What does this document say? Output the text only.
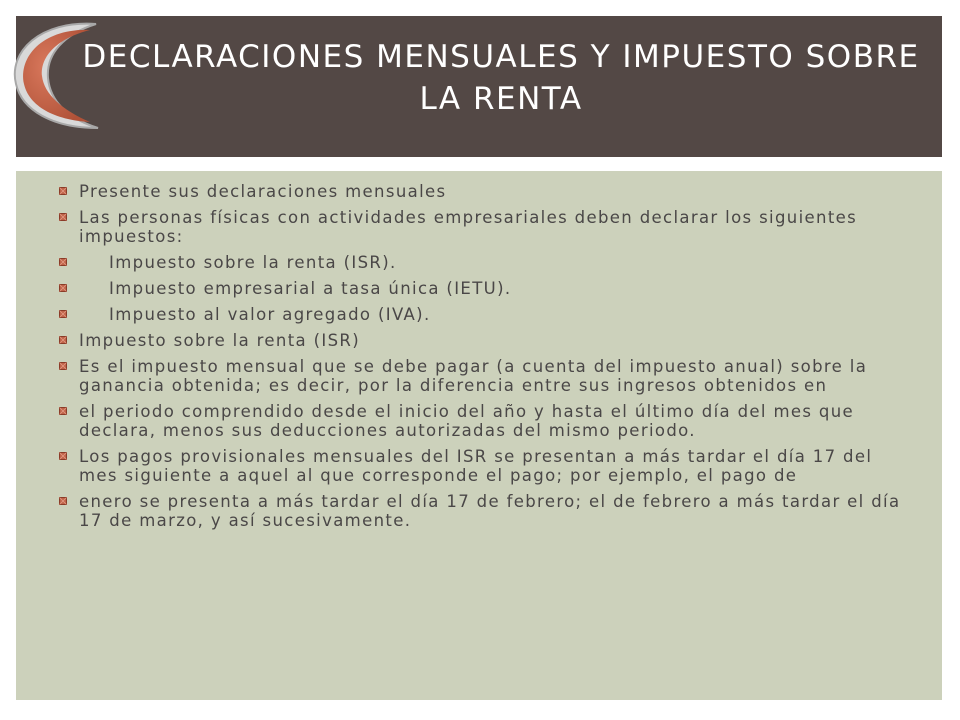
DECLARACIONES MENSUALES Y IMPUESTO SOBRE LA RENTA
Presente sus declaraciones mensuales
Las personas físicas con actividades empresariales deben declarar los siguientes impuestos:
Impuesto sobre la renta (ISR).
Impuesto empresarial a tasa única (IETU).
Impuesto al valor agregado (IVA).
Impuesto sobre la renta (ISR)
Es el impuesto mensual que se debe pagar (a cuenta del impuesto anual) sobre la ganancia obtenida; es decir, por la diferencia entre sus ingresos obtenidos en
el periodo comprendido desde el inicio del año y hasta el último día del mes que declara, menos sus deducciones autorizadas del mismo periodo.
Los pagos provisionales mensuales del ISR se presentan a más tardar el día 17 del mes siguiente a aquel al que corresponde el pago; por ejemplo, el pago de
enero se presenta a más tardar el día 17 de febrero; el de febrero a más tardar el día 17 de marzo, y así sucesivamente.
